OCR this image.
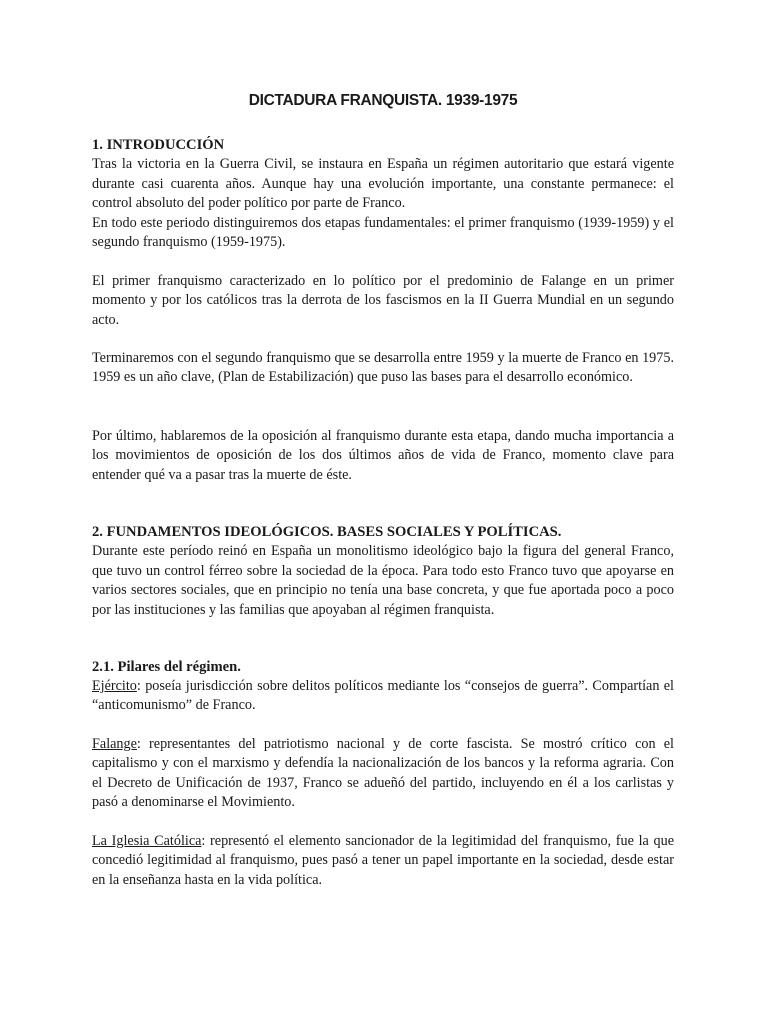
DICTADURA FRANQUISTA. 1939-1975
1. INTRODUCCIÓN

Tras la victoria en la Guerra Civil, se instaura en España un régimen autoritario que estará vigente durante casi cuarenta años. Aunque hay una evolución importante, una constante permanece: el control absoluto del poder político por parte de Franco.

En todo este periodo distinguiremos dos etapas fundamentales: el primer franquismo (1939-1959) y el segundo franquismo (1959-1975).

El primer franquismo caracterizado en lo político por el predominio de Falange en un primer momento y por los católicos tras la derrota de los fascismos en la II Guerra Mundial en un segundo acto.

Terminaremos con el segundo franquismo que se desarrolla entre 1959 y la muerte de Franco en 1975. 1959 es un año clave, (Plan de Estabilización) que puso las bases para el desarrollo económico.

Por último, hablaremos de la oposición al franquismo durante esta etapa, dando mucha importancia a los movimientos de oposición de los dos últimos años de vida de Franco, momento clave para entender qué va a pasar tras la muerte de éste.

2. FUNDAMENTOS IDEOLÓGICOS. BASES SOCIALES Y POLÍTICAS.

Durante este período reinó en España un monolitismo ideológico bajo la figura del general Franco, que tuvo un control férreo sobre la sociedad de la época. Para todo esto Franco tuvo que apoyarse en varios sectores sociales, que en principio no tenía una base concreta, y que fue aportada poco a poco por las instituciones y las familias que apoyaban al régimen franquista.

2.1. Pilares del régimen.

Ejército: poseía jurisdicción sobre delitos políticos mediante los “consejos de guerra”. Compartían el “anticomunismo” de Franco.

Falange: representantes del patriotismo nacional y de corte fascista. Se mostró crítico con el capitalismo y con el marxismo y defendía la nacionalización de los bancos y la reforma agraria. Con el Decreto de Unificación de 1937, Franco se adueñó del partido, incluyendo en él a los carlistas y pasó a denominarse el Movimiento.

La Iglesia Católica: representó el elemento sancionador de la legitimidad del franquismo, fue la que concedió legitimidad al franquismo, pues pasó a tener un papel importante en la sociedad, desde estar en la enseñanza hasta en la vida política.
